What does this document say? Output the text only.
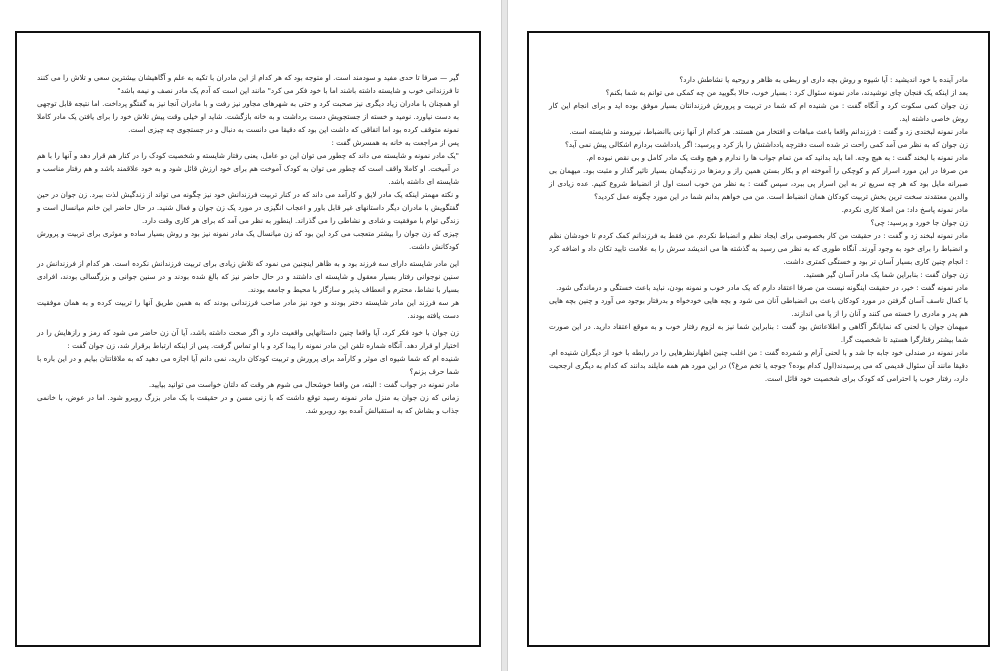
مادر آینده با خود اندیشید : آیا شیوه و روش بچه داری او ربطی به ظاهر و روحیه یا نشاطش دارد؟

بعد از اینکه یک فنجان چای نوشیدند، مادر نمونه سئوال کرد : بسیار خوب، حالا بگویید من چه کمکی می توانم به شما بکنم؟

زن جوان کمی سکوت کرد و آنگاه گفت : من شنیده ام که شما در تربیت و پرورش فرزندانتان بسیار موفق بوده اید و برای انجام این کار روش خاصی داشته اید.

مادر نمونه لبخندی زد و گفت : فرزندانم واقعا باعث مباهات و افتخار من هستند. هر کدام از آنها زنی باانضباط، نیرومند و شایسته است.

زن جوان که به نظر می آمد کمی راحت تر شده است دفترچه یادداشتش را باز کرد و پرسید: اگر یادداشت بردارم اشکالی پیش نمی آید؟

مادر نمونه با لبخند گفت : به هیچ وجه. اما باید بدانید که من تمام جواب ها را ندارم و هیچ وقت یک مادر کامل و بی نقص نبوده ام.

من صرفا در این مورد اسرار کم و کوچکی را آموخته ام و بکار بستن همین راز و رمزها در زندگیمان بسیار تاثیر گذار و مثبت بود. میهمان بی صبرانه مایل بود که هر چه سریع تر به این اسرار پی ببرد، سپس گفت : به نظر من خوب است اول از انضباط شروع کنیم. عده زیادی از والدین معتقدند سخت ترین بخش تربیت کودکان همان انضباط است. من می خواهم بدانم شما در این مورد چگونه عمل کردید؟

مادر نمونه پاسخ داد: من اصلا کاری نکردم.

زن جوان جا خورد و پرسید: چی؟

مادر نمونه لبخند زد و گفت : در حقیقت من کار بخصوصی برای ایجاد نظم و انضباط نکردم. من فقط به فرزندانم کمک کردم تا خودشان نظم و انضباط را برای خود به وجود آورند. آنگاه طوری که به نظر می رسید به گذشته ها می اندیشد سرش را به علامت تایید تکان داد و اضافه کرد : انجام چنین کاری بسیار آسان تر بود و خستگی کمتری داشت.

زن جوان گفت : بنابراین شما یک مادر آسان گیر هستید.

مادر نمونه گفت : خیر، در حقیقت اینگونه نیست من صرفا اعتقاد دارم که یک مادر خوب و نمونه بودن، نباید باعث خستگی و درماندگی شود.

با کمال تاسف آسان گرفتن در مورد کودکان باعث بی انضباطی آنان می شود و بچه هایی خودخواه و بدرفتار بوجود می آورد و چنین بچه هایی هم پدر و مادری را خسته می کنند و آنان را از پا می اندازند.

میهمان جوان با لحنی که نمایانگر آگاهی و اطلاعاتش بود گفت : بنابراین شما نیز به لزوم رفتار خوب و به موقع اعتقاد دارید. در این صورت شما بیشتر رفتارگرا هستید تا شخصیت گرا.

مادر نمونه در صندلی خود جابه جا شد و با لحنی آرام و شمرده گفت : من اغلب چنین اظهارنظرهایی را در رابطه با خود از دیگران شنیده ام. دقیقا مانند آن سئوال قدیمی که می پرسیدند(اول کدام بوده؟ جوجه یا تخم مرغ؟) در این مورد هم همه مایلند بدانند که کدام به دیگری ارجحیت دارد، رفتار خوب یا احترامی که کودک برای شخصیت خود قائل است.

گیر — صرفا تا حدی مفید و سودمند است. او متوجه بود که هر کدام از این مادران با تکیه به علم و آگاهیشان بیشترین سعی و تلاش را می کنند تا فرزندانی خوب و شایسته داشته باشند اما با خود فکر می کرد" مانند این است که آدم یک مادر نصف و نیمه باشد"

او همچنان با مادران زیاد دیگری نیز صحبت کرد و حتی به شهرهای مجاور نیز رفت و با مادران آنجا نیز به گفتگو پرداخت. اما نتیجه قابل توجهی به دست نیاورد. نومید و خسته از جستجویش دست برداشت و به خانه بازگشت. شاید او خیلی وقت پیش تلاش خود را برای یافتن یک مادر کاملا نمونه متوقف کرده بود اما اتفاقی که داشت این بود که دقیقا می دانست به دنبال و در جستجوی چه چیزی است.

پس از مراجعت به خانه به همسرش گفت :

"یک مادر نمونه و شایسته می داند که چطور می توان این دو عامل، یعنی رفتار شایسته و شخصیت کودک را در کنار هم قرار دهد و آنها را با هم در آمیخت. او کاملا واقف است که چطور می توان به کودک آموخت هم برای خود ارزش قائل شود و به خود علاقمند باشد و هم رفتار مناسب و شایسته ای داشته باشد.

و نکته مهمتر اینکه یک مادر لایق و کارآمد می داند که در کنار تربیت فرزندانش خود نیز چگونه می تواند از زندگیش لذت ببرد. زن جوان در حین گفتگویش با مادران دیگر داستانهای غیر قابل باور و اعجاب انگیزی در مورد یک زن جوان و فعال شنید. در حال حاضر این خانم میانسال است و زندگی توام با موفقیت و شادی و نشاطی را می گذراند. اینطور به نظر می آمد که برای هر کاری وقت دارد.

چیزی که زن جوان را بیشتر متعجب می کرد این بود که زن میانسال یک مادر نمونه نیز بود و روش بسیار ساده و موثری برای تربیت و پرورش کودکانش داشت.

این مادر شایسته دارای سه فرزند بود و به ظاهر اینچنین می نمود که تلاش زیادی برای تربیت فرزندانش نکرده است. هر کدام از فرزندانش در سنین نوجوانی رفتار بسیار معقول و شایسته ای داشتند و در حال حاضر نیز که بالغ شده بودند و در سنین جوانی و بزرگسالی بودند، افرادی بسیار با نشاط، محترم و انعطاف پذیر و سازگار با محیط و جامعه بودند.

هر سه فرزند این مادر شایسته دختر بودند و خود نیز مادر صاحب فرزندانی بودند که به همین طریق آنها را تربیت کرده و به همان موفقیت دست یافته بودند.

زن جوان با خود فکر کرد، آیا واقعا چنین داستانهایی واقعیت دارد و اگر صحت داشته باشد، آیا آن زن حاضر می شود که رمز و رازهایش را در اختیار او قرار دهد. آنگاه شماره تلفن این مادر نمونه را پیدا کرد و با او تماس گرفت. پس از اینکه ارتباط برقرار شد، زن جوان گفت :

شنیده ام که شما شیوه ای موثر و کارآمد برای پرورش و تربیت کودکان دارید، نمی دانم آیا اجازه می دهید که به ملاقاتتان بیایم و در این باره با شما حرف بزنم؟

مادر نمونه در جواب گفت : البته، من واقعا خوشحال می شوم هر وقت که دلتان خواست می توانید بیایید.

زمانی که زن جوان به منزل مادر نمونه رسید توقع داشت که با زنی مسن و در حقیقت با یک مادر بزرگ روبرو شود. اما در عوض، با خانمی جذاب و بشاش که به استقبالش آمده بود روبرو شد.
